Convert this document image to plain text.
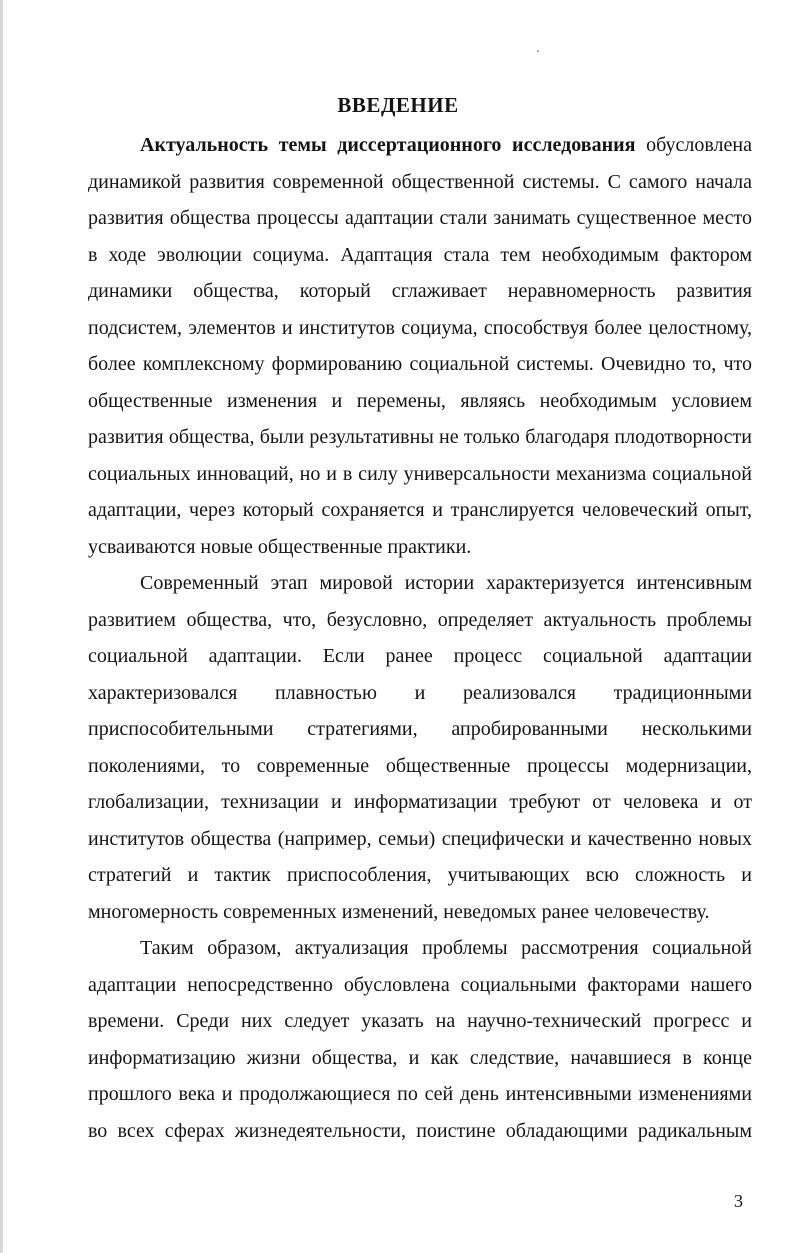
ВВЕДЕНИЕ
Актуальность темы диссертационного исследования обусловлена
динамикой развития современной общественной системы. С самого начала
развития общества процессы адаптации стали занимать существенное место
в ходе эволюции социума. Адаптация стала тем необходимым фактором
динамики общества, который сглаживает неравномерность развития
подсистем, элементов и институтов социума, способствуя более целостному,
более комплексному формированию социальной системы. Очевидно то, что
общественные изменения и перемены, являясь необходимым условием
развития общества, были результативны не только благодаря плодотворности
социальных инноваций, но и в силу универсальности механизма социальной
адаптации, через который сохраняется и транслируется человеческий опыт,
усваиваются новые общественные практики.
Современный этап мировой истории характеризуется интенсивным
развитием общества, что, безусловно, определяет актуальность проблемы
социальной адаптации. Если ранее процесс социальной адаптации
характеризовался плавностью и реализовался традиционными
приспособительными стратегиями, апробированными несколькими
поколениями, то современные общественные процессы модернизации,
глобализации, технизации и информатизации требуют от человека и от
институтов общества (например, семьи) специфически и качественно новых
стратегий и тактик приспособления, учитывающих всю сложность и
многомерность современных изменений, неведомых ранее человечеству.
Таким образом, актуализация проблемы рассмотрения социальной
адаптации непосредственно обусловлена социальными факторами нашего
времени. Среди них следует указать на научно-технический прогресс и
информатизацию жизни общества, и как следствие, начавшиеся в конце
прошлого века и продолжающиеся по сей день интенсивными изменениями
во всех сферах жизнедеятельности, поистине обладающими радикальным
3
